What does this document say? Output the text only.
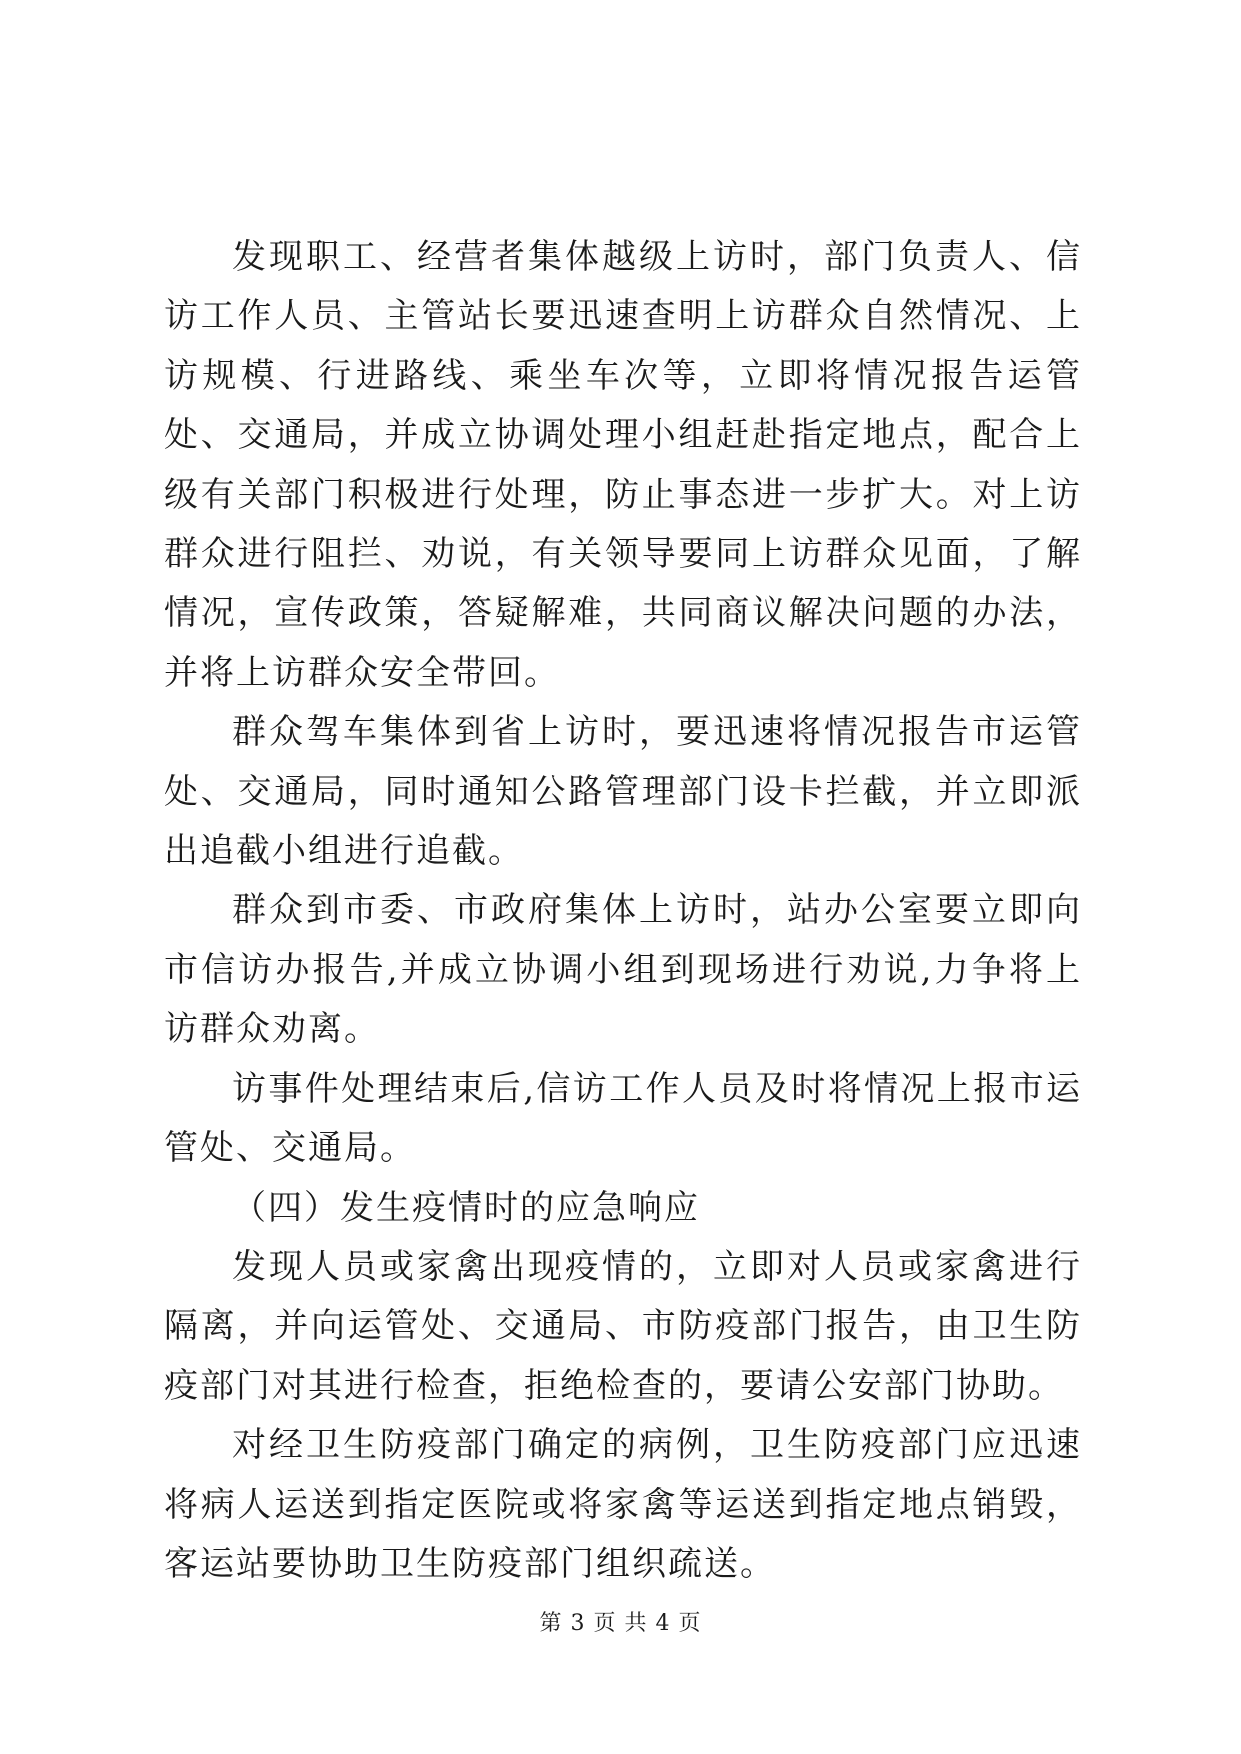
发现职工、经营者集体越级上访时，部门负责人、信访工作人员、主管站长要迅速查明上访群众自然情况、上访规模、行进路线、乘坐车次等，立即将情况报告运管处、交通局，并成立协调处理小组赶赴指定地点，配合上级有关部门积极进行处理，防止事态进一步扩大。对上访群众进行阻拦、劝说，有关领导要同上访群众见面，了解情况，宣传政策，答疑解难，共同商议解决问题的办法，并将上访群众安全带回。

群众驾车集体到省上访时，要迅速将情况报告市运管处、交通局，同时通知公路管理部门设卡拦截，并立即派出追截小组进行追截。

群众到市委、市政府集体上访时，站办公室要立即向市信访办报告,并成立协调小组到现场进行劝说,力争将上访群众劝离。

访事件处理结束后,信访工作人员及时将情况上报市运管处、交通局。

（四）发生疫情时的应急响应

发现人员或家禽出现疫情的，立即对人员或家禽进行隔离，并向运管处、交通局、市防疫部门报告，由卫生防疫部门对其进行检查，拒绝检查的，要请公安部门协助。

对经卫生防疫部门确定的病例，卫生防疫部门应迅速将病人运送到指定医院或将家禽等运送到指定地点销毁，客运站要协助卫生防疫部门组织疏送。

第 3 页 共 4 页
